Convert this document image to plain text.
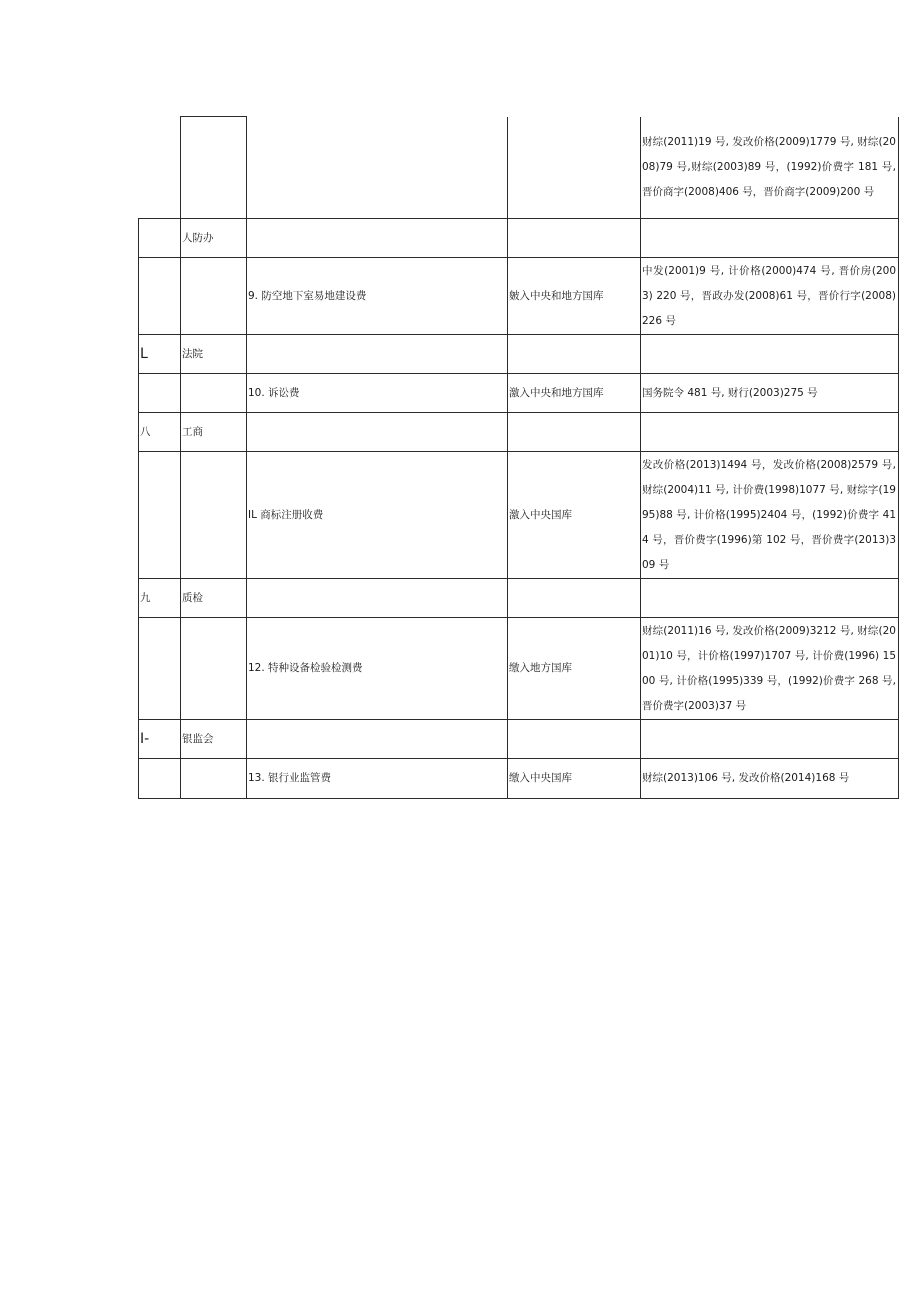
				财综(2011)19 号, 发改价格(2009)1779 号, 财综(2008)79 号,财综(2003)89 号，(1992)价费字 181 号,晋价商字(2008)406 号，晋价商字(2009)200 号
	人防办			
		9. 防空地下室易地建设费	皴入中央和地方国库	中发(2001)9 号, 计价格(2000)474 号, 晋价房(2003) 220 号，晋政办发(2008)61 号，晋价行字(2008) 226 号

L	法院			
		10. 诉讼费	激入中央和地方国库	国务院令 481 号, 财行(2003)275 号
八	工商			
		IL 商标注册收费	激入中央国库	发改价格(2013)1494 号，发改价格(2008)2579 号,财综(2004)11 号, 计价费(1998)1077 号, 财综字(1995)88 号, 计价格(1995)2404 号，(1992)价费字 414 号，晋价费字(1996)第 102 号，晋价费字(2013)309 号
九	质检			
		12. 特种设备检验检测费	缴入地方国库	财综(2011)16 号, 发改价格(2009)3212 号, 财综(2001)10 号，计价格(1997)1707 号, 计价费(1996) 1500 号, 计价格(1995)339 号，(1992)价费字 268 号, 晋价费字(2003)37 号
I-	银监会			
		13. 银行业监管费	缴入中央国库	财综(2013)106 号, 发改价格(2014)168 号
